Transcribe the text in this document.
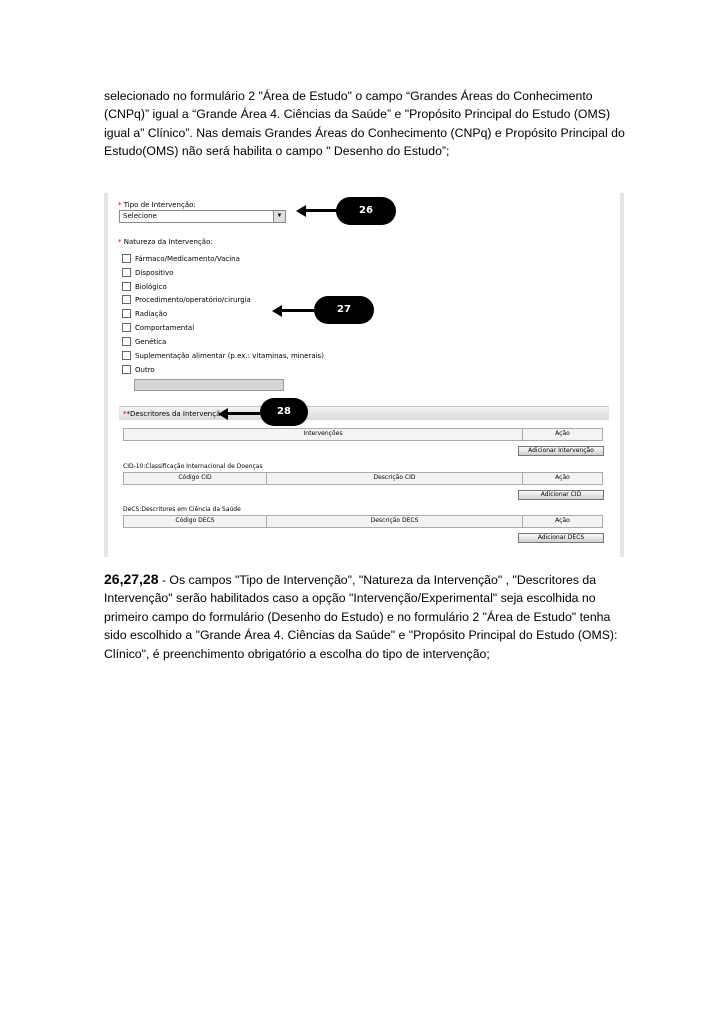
selecionado no formulário 2 "Área de Estudo" o campo “Grandes Áreas do Conhecimento (CNPq)” igual a “Grande Área 4. Ciências da Saúde” e "Propósito Principal do Estudo (OMS) igual a” Clínico”. Nas demais Grandes Áreas do Conhecimento (CNPq) e Propósito Principal do Estudo(OMS) não será habilita o campo " Desenho do Estudo”;

* Tipo de Intervenção:
Selecione	▼
* Natureza da Intervenção:
Fármaco/Medicamento/Vacina
Dispositivo
Biológico
Procedimento/operatório/cirurgia
Radiação
Comportamental
Genética
Suplementação alimentar (p.ex.: vitaminas, minerais)
Outro
**Descritores da Intervenção
Intervenções	Ação
Adicionar Intervenção
CID-10:Classificação Internacional de Doenças
Código CID	Descrição CID	Ação
Adicionar CID
DeCS:Descritores em Ciência da Saúde
Código DECS	Descrição DECS	Ação
Adicionar DECS
26
27
28

26,27,28 - Os campos "Tipo de Intervenção", "Natureza da Intervenção" , "Descritores da Intervenção" serão habilitados caso a opção "Intervenção/Experimental" seja escolhida no primeiro campo do formulário (Desenho do Estudo) e no formulário 2 "Área de Estudo" tenha sido escolhido a "Grande Área 4. Ciências da Saúde" e "Propósito Principal do Estudo (OMS): Clínico", é preenchimento obrigatório a escolha do tipo de intervenção;
